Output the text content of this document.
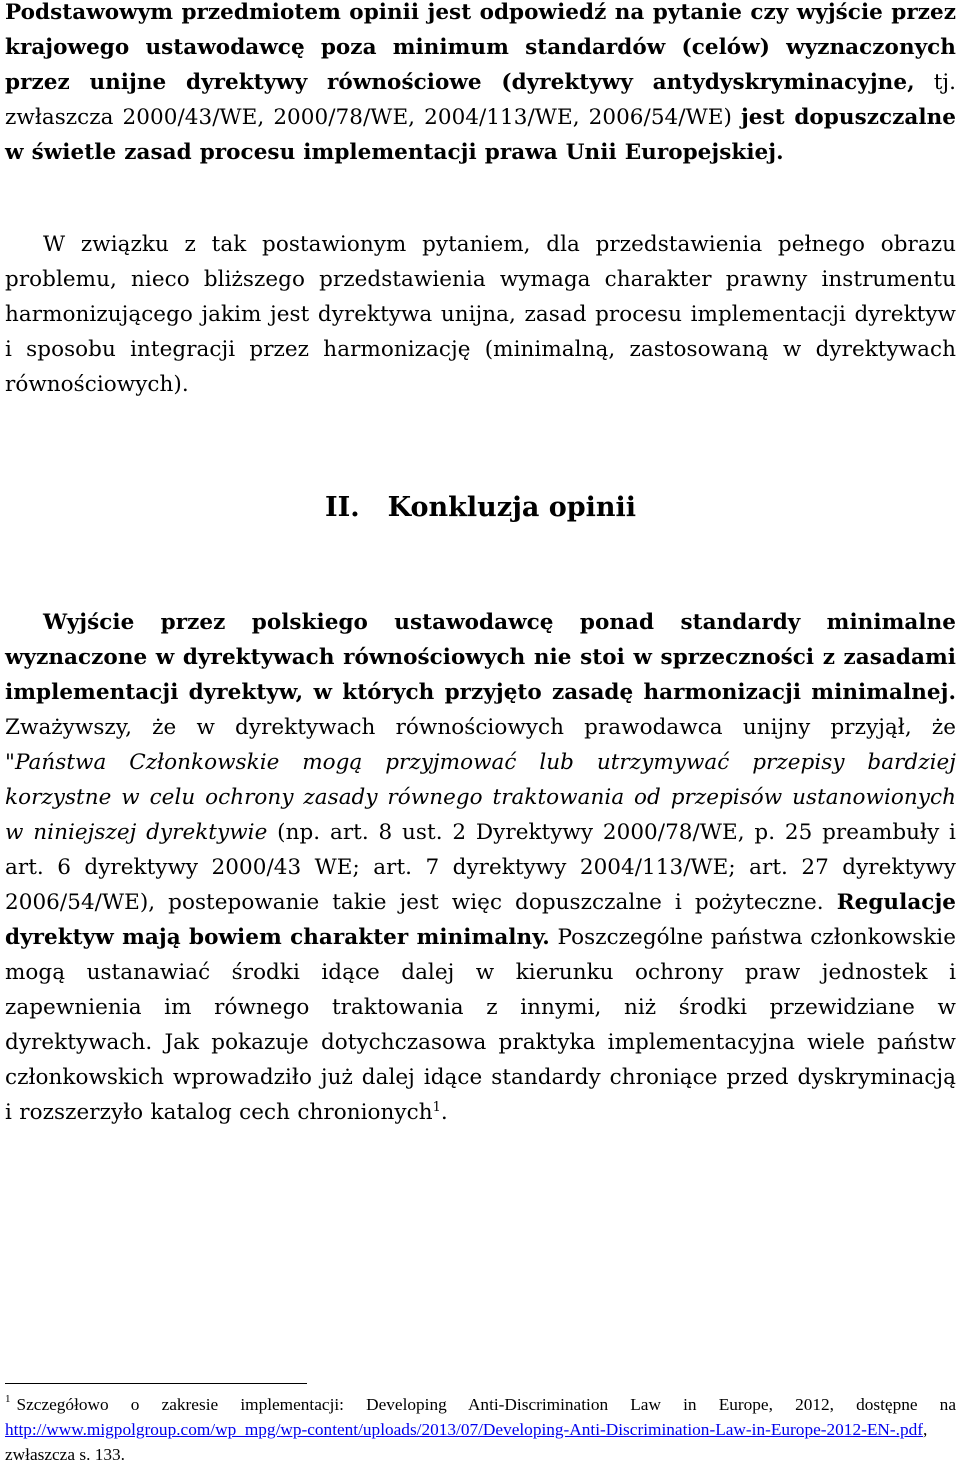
Podstawowym przedmiotem opinii jest odpowiedź na pytanie czy wyjście przez krajowego ustawodawcę poza minimum standardów (celów) wyznaczonych przez unijne dyrektywy równościowe (dyrektywy antydyskryminacyjne, tj. zwłaszcza 2000/43/WE, 2000/78/WE, 2004/113/WE, 2006/54/WE) jest dopuszczalne w świetle zasad procesu implementacji prawa Unii Europejskiej.

W związku z tak postawionym pytaniem, dla przedstawienia pełnego obrazu problemu, nieco bliższego przedstawienia wymaga charakter prawny instrumentu harmonizującego jakim jest dyrektywa unijna, zasad procesu implementacji dyrektyw i sposobu integracji przez harmonizację (minimalną, zastosowaną w dyrektywach równościowych).

II. Konkluzja opinii

Wyjście przez polskiego ustawodawcę ponad standardy minimalne wyznaczone w dyrektywach równościowych nie stoi w sprzeczności z zasadami implementacji dyrektyw, w których przyjęto zasadę harmonizacji minimalnej. Zważywszy, że w dyrektywach równościowych prawodawca unijny przyjął, że "Państwa Członkowskie mogą przyjmować lub utrzymywać przepisy bardziej korzystne w celu ochrony zasady równego traktowania od przepisów ustanowionych w niniejszej dyrektywie (np. art. 8 ust. 2 Dyrektywy 2000/78/WE, p. 25 preambuły i art. 6 dyrektywy 2000/43 WE; art. 7 dyrektywy 2004/113/WE; art. 27 dyrektywy 2006/54/WE), postepowanie takie jest więc dopuszczalne i pożyteczne. Regulacje dyrektyw mają bowiem charakter minimalny. Poszczególne państwa członkowskie mogą ustanawiać środki idące dalej w kierunku ochrony praw jednostek i zapewnienia im równego traktowania z innymi, niż środki przewidziane w dyrektywach. Jak pokazuje dotychczasowa praktyka implementacyjna wiele państw członkowskich wprowadziło już dalej idące standardy chroniące przed dyskryminacją i rozszerzyło katalog cech chronionych$^1$.

$^1$ Szczegółowo o zakresie implementacji: Developing Anti-Discrimination Law in Europe, 2012, dostępne na http://www.migpolgroup.com/wp_mpg/wp-content/uploads/2013/07/Developing-Anti-Discrimination-Law-in-Europe-2012-EN-.pdf, zwłaszcza s. 133.
